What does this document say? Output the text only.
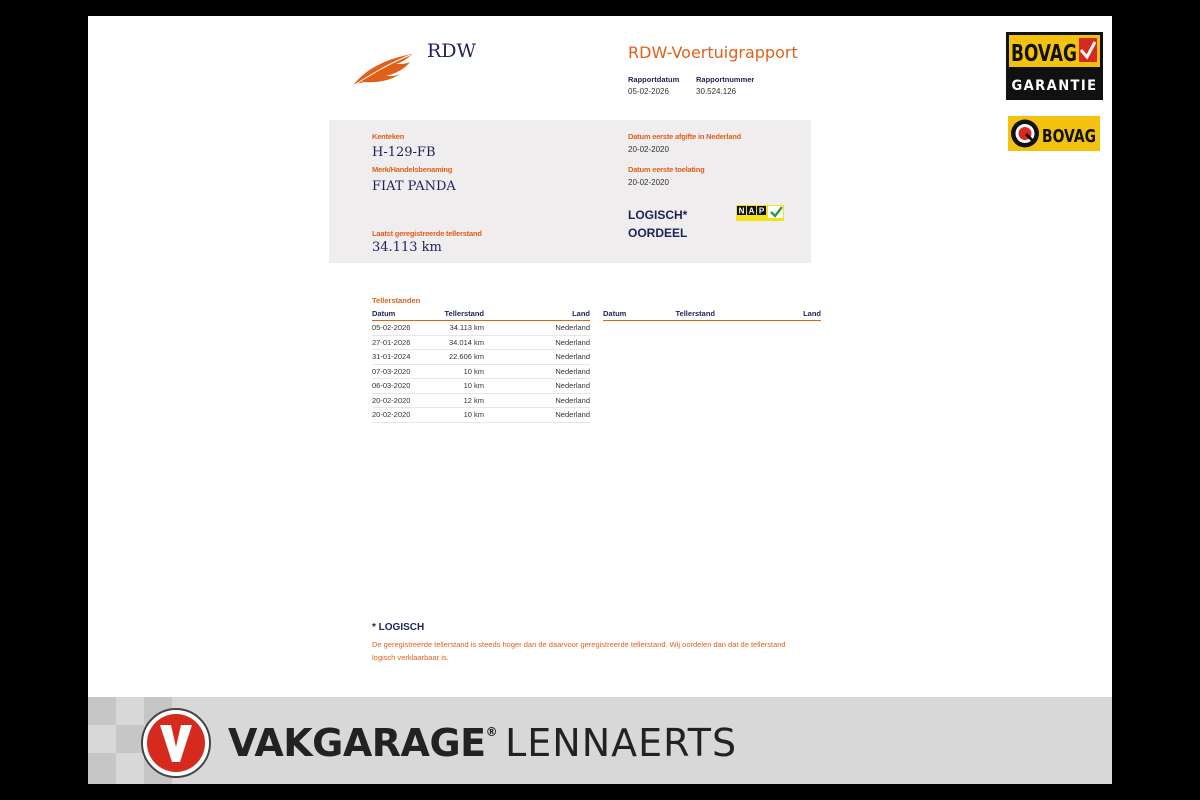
RDW	RDW-Voertuigrapport
Rapportdatum
05-02-2026
Rapportnummer
30.524.126
Kenteken
H-129-FB
Merk/Handelsbenaming
FIAT PANDA
Laatst geregistreerde tellerstand
34.113 km
Datum eerste afgifte in Nederland
20-02-2020
Datum eerste toelating
20-02-2020
LOGISCH*
OORDEEL
N A P
Tellerstanden
Datum	Tellerstand	Land
05-02-2026	34.113 km	Nederland
27-01-2026	34.014 km	Nederland
31-01-2024	22.606 km	Nederland
07-03-2020	10 km	Nederland
06-03-2020	10 km	Nederland
20-02-2020	12 km	Nederland
20-02-2020	10 km	Nederland
Datum	Tellerstand	Land
* LOGISCH
De geregistreerde tellerstand is steeds hoger dan de daarvoor geregistreerde tellerstand. Wij oordelen dan dat de tellerstand logisch verklaarbaar is.
BOVAG
GARANTIE
BOVAG
VAKGARAGE® LENNAERTS
